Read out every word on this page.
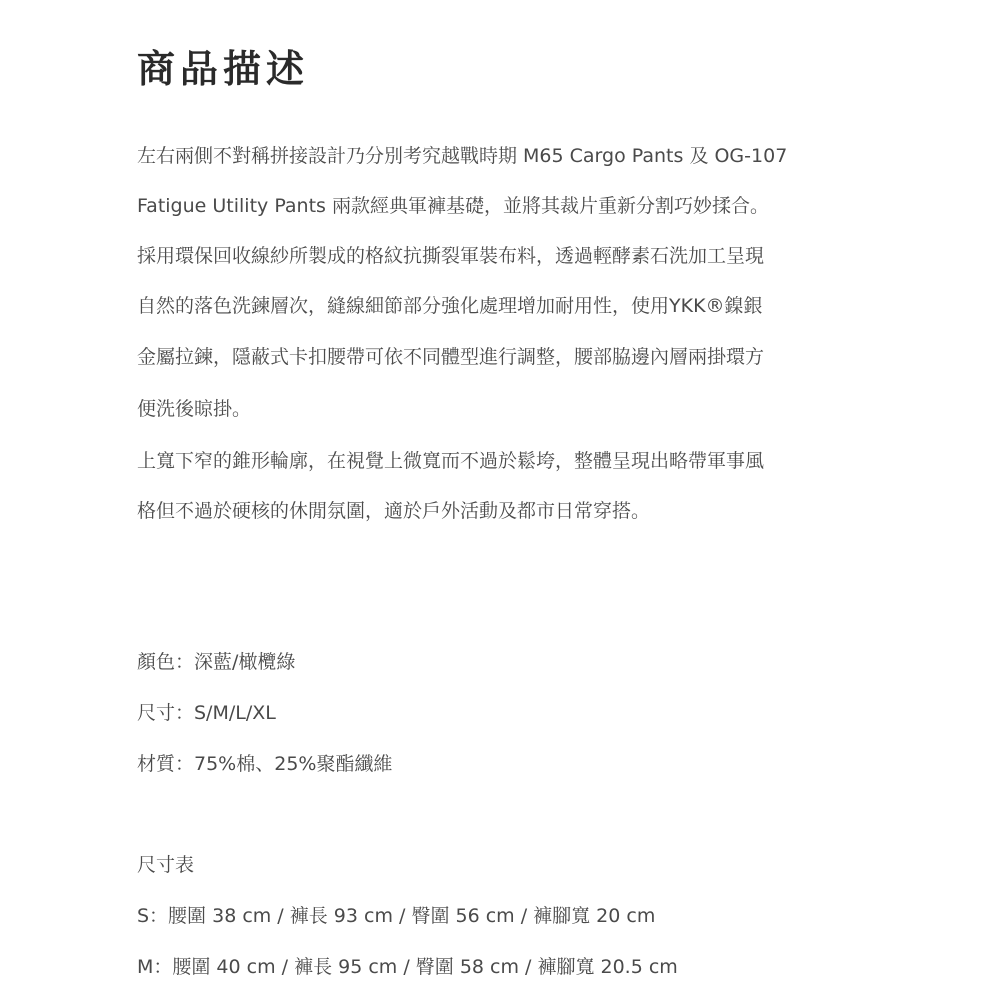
商品描述

左右兩側不對稱拼接設計乃分別考究越戰時期 M65 Cargo Pants 及 OG-107

Fatigue Utility Pants 兩款經典軍褲基礎，並將其裁片重新分割巧妙揉合。

採用環保回收線紗所製成的格紋抗撕裂軍裝布料，透過輕酵素石洗加工呈現

自然的落色洗鍊層次，縫線細節部分強化處理增加耐用性，使用YKK®鎳銀

金屬拉鍊，隱蔽式卡扣腰帶可依不同體型進行調整，腰部脇邊內層兩掛環方

便洗後晾掛。

上寬下窄的錐形輪廓，在視覺上微寬而不過於鬆垮，整體呈現出略帶軍事風

格但不過於硬核的休閒氛圍，適於戶外活動及都市日常穿搭。

顏色：深藍/橄欖綠

尺寸：S/M/L/XL

材質：75%棉、25%聚酯纖維

尺寸表

S：腰圍 38 cm / 褲長 93 cm / 臀圍 56 cm / 褲腳寬 20 cm

M：腰圍 40 cm / 褲長 95 cm / 臀圍 58 cm / 褲腳寬 20.5 cm
